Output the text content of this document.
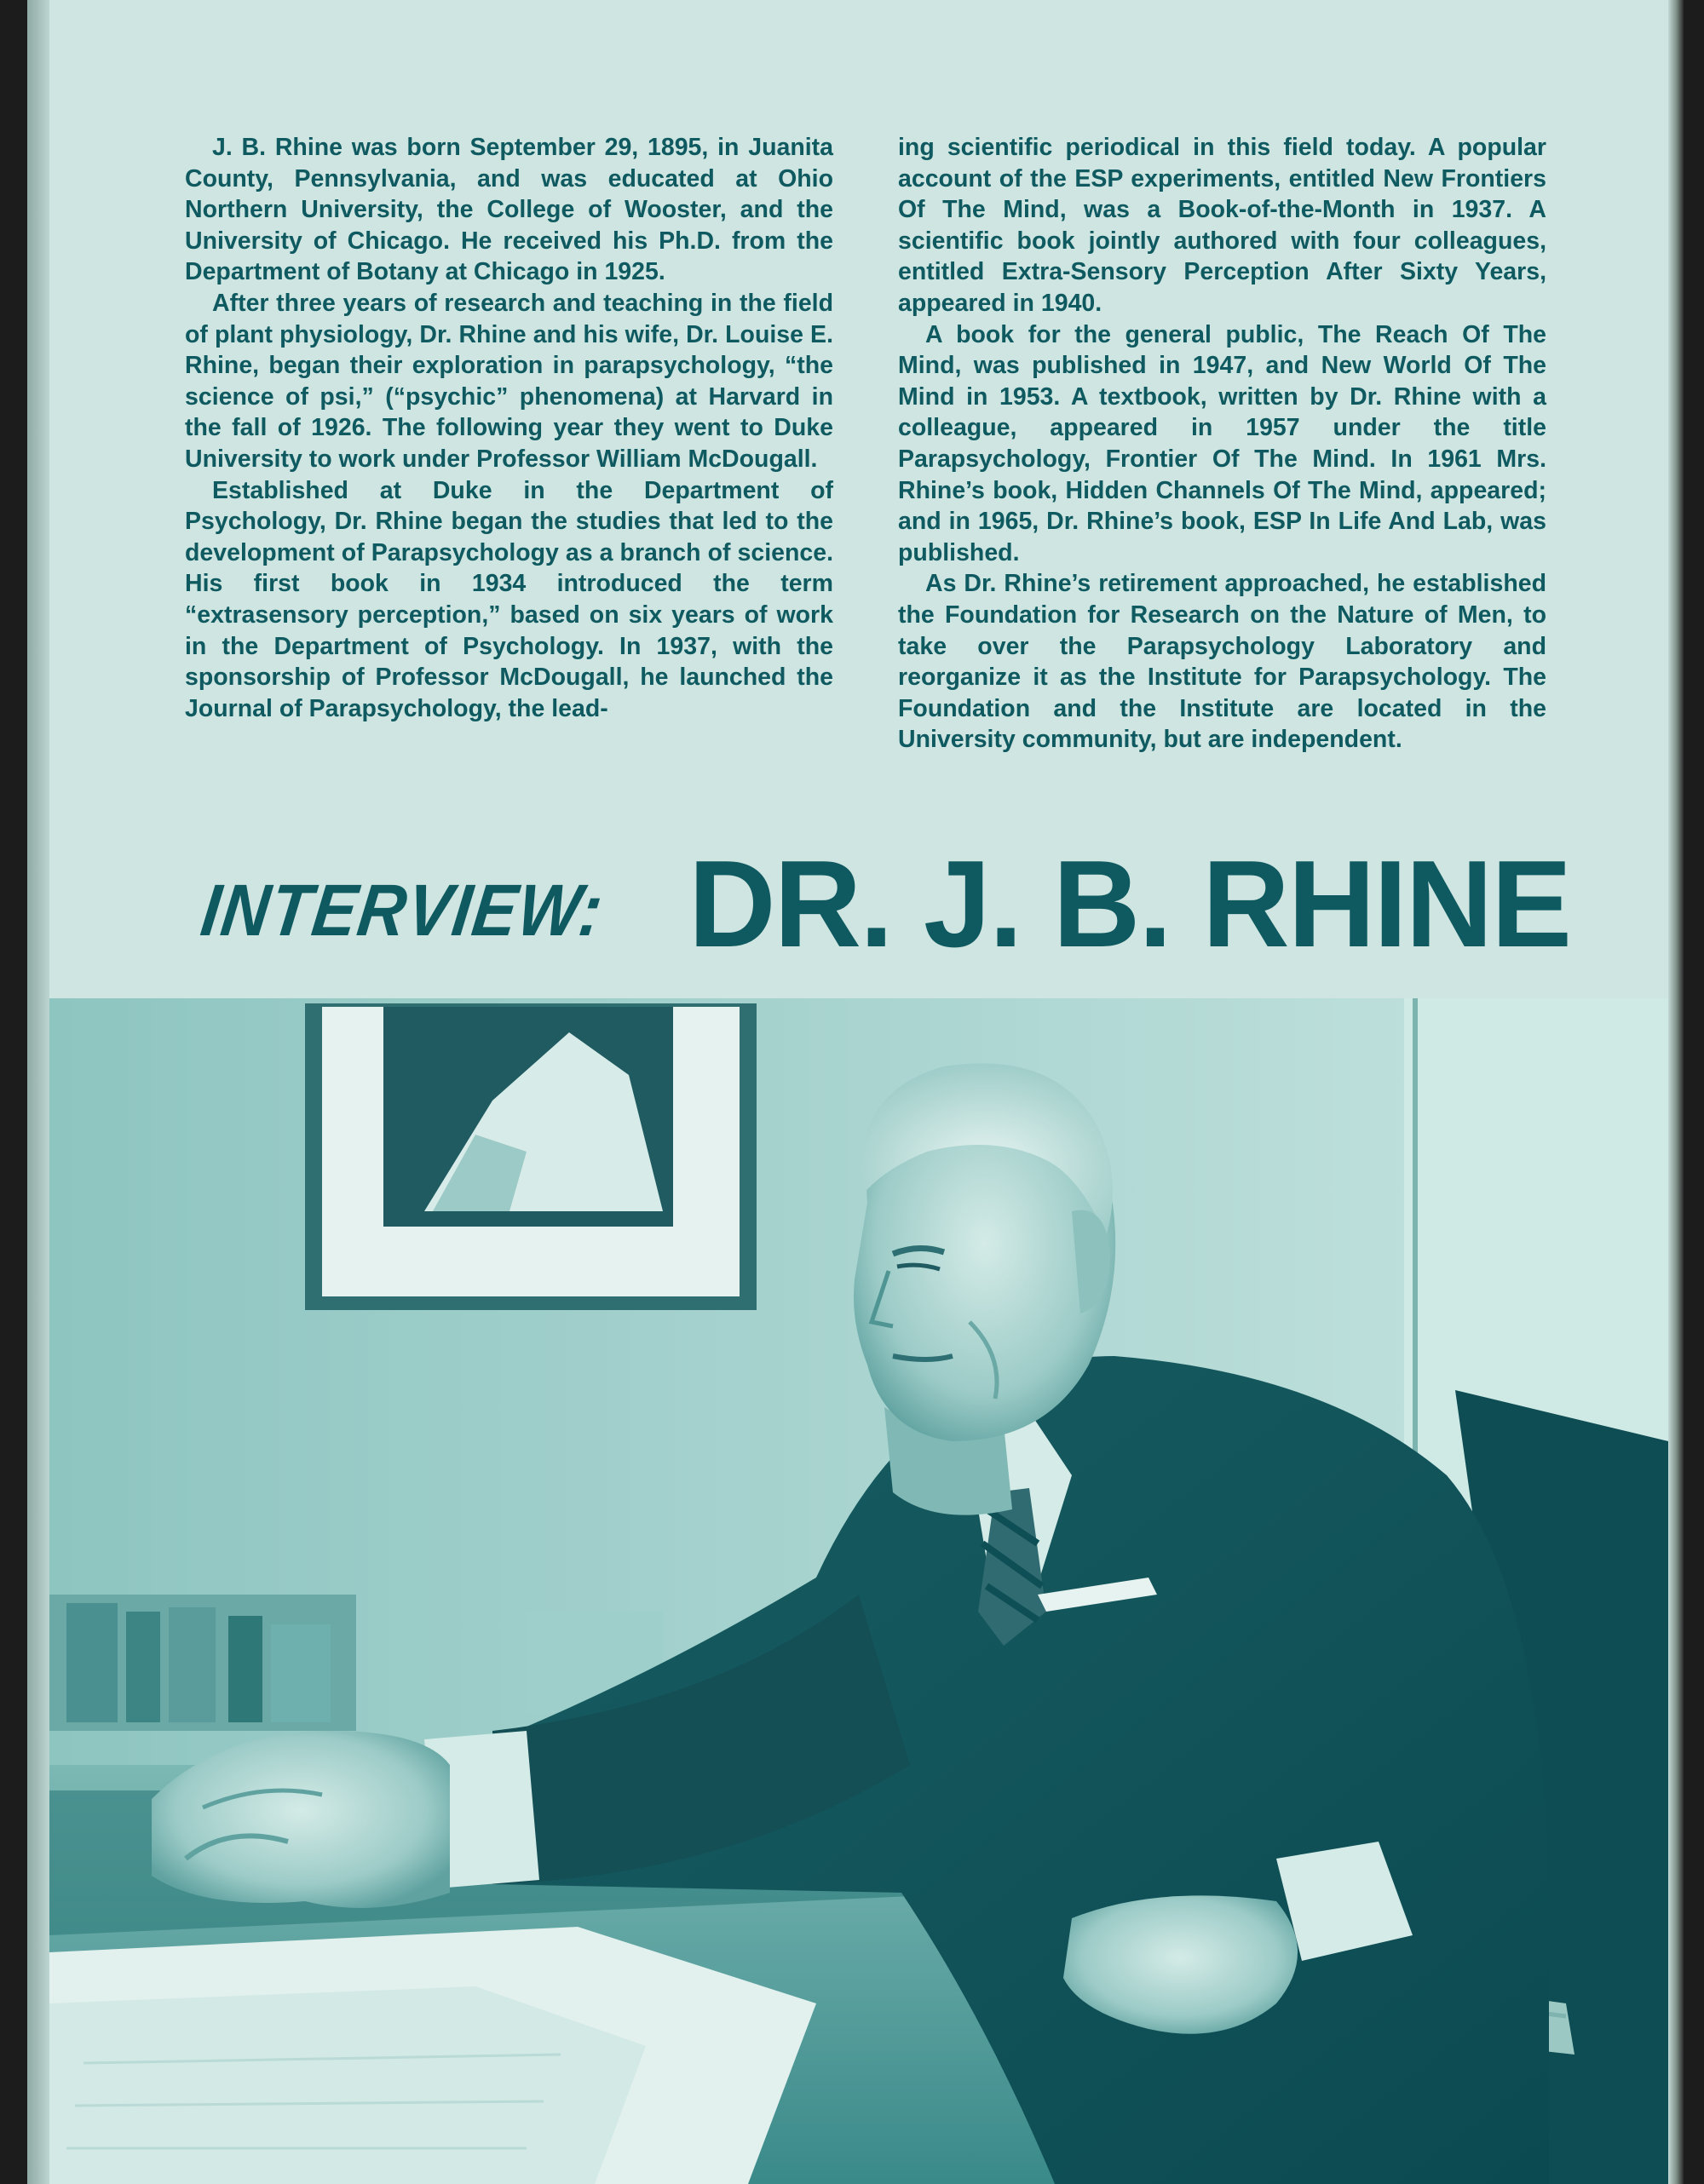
J. B. Rhine was born September 29, 1895, in Juanita County, Pennsylvania, and was educated at Ohio Northern University, the College of Wooster, and the University of Chicago. He received his Ph.D. from the Department of Botany at Chicago in 1925.

After three years of research and teaching in the field of plant physiology, Dr. Rhine and his wife, Dr. Louise E. Rhine, began their exploration in parapsychology, “the science of psi,” (“psychic” phenomena) at Harvard in the fall of 1926. The following year they went to Duke University to work under Professor William McDougall.

Established at Duke in the Department of Psychology, Dr. Rhine began the studies that led to the development of Parapsychology as a branch of science. His first book in 1934 introduced the term “extrasensory perception,” based on six years of work in the Department of Psychology. In 1937, with the sponsorship of Professor McDougall, he launched the Journal of Parapsychology, the lead-

ing scientific periodical in this field today. A popular account of the ESP experiments, entitled New Frontiers Of The Mind, was a Book-of-the-Month in 1937. A scientific book jointly authored with four colleagues, entitled Extra-Sensory Perception After Sixty Years, appeared in 1940.

A book for the general public, The Reach Of The Mind, was published in 1947, and New World Of The Mind in 1953. A textbook, written by Dr. Rhine with a colleague, appeared in 1957 under the title Parapsychology, Frontier Of The Mind. In 1961 Mrs. Rhine’s book, Hidden Channels Of The Mind, appeared; and in 1965, Dr. Rhine’s book, ESP In Life And Lab, was published.

As Dr. Rhine’s retirement approached, he established the Foundation for Research on the Nature of Men, to take over the Parapsychology Laboratory and reorganize it as the Institute for Parapsychology. The Foundation and the Institute are located in the University community, but are independent.

INTERVIEW: DR. J. B. RHINE
